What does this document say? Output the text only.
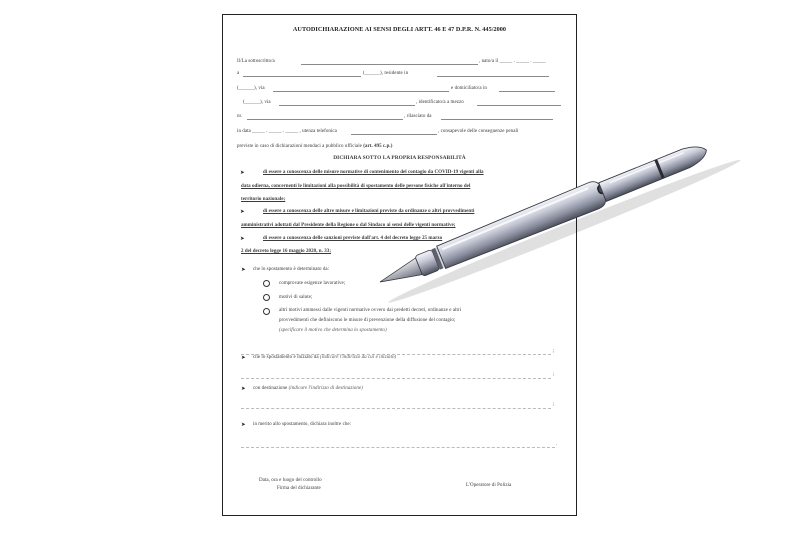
AUTODICHIARAZIONE AI SENSI DEGLI ARTT. 46 E 47 D.P.R. N. 445/2000
Il/La sottoscritto/a	, nato/a il _____ . _____ . _____
a	(______), residente in
(______), via	e domiciliato/a in
(______), via	, identificato/a a mezzo
nr.	, rilasciato da
in data _____ . _____ . _____ , utenza telefonica	, consapevole delle conseguenze penali
previste in caso di dichiarazioni mendaci a pubblico ufficiale (art. 495 c.p.)
DICHIARA SOTTO LA PROPRIA RESPONSABILITÀ
➤	di essere a conoscenza delle misure normative di contenimento del contagio da COVID-19 vigenti alla
data odierna, concernenti le limitazioni alla possibilità di spostamento delle persone fisiche all'interno del
territorio nazionale;
➤	di essere a conoscenza delle altre misure e limitazioni previste da ordinanze o altri provvedimenti
amministrativi adottati dal Presidente della Regione o dal Sindaco ai sensi delle vigenti normative;
➤	di essere a conoscenza delle sanzioni previste dall'art. 4 del decreto legge 25 marzo
2 del decreto legge 16 maggio 2020, n. 33;
➤ che lo spostamento è determinato da:
comprovate esigenze lavorative;
motivi di salute;
altri motivi ammessi dalle vigenti normative ovvero dai predetti decreti, ordinanze e altri
provvedimenti che definiscono le misure di prevenzione della diffusione del contagio;
(specificare il motivo che determina lo spostamento)
;
➤ che lo spostamento è iniziato da (indicare l'indirizzo da cui è iniziato)
;
➤ con destinazione (indicare l'indirizzo di destinazione)
;
➤ in merito allo spostamento, dichiara inoltre che:
.
Data, ora e luogo del controllo
Firma del dichiarante
L'Operatore di Polizia
